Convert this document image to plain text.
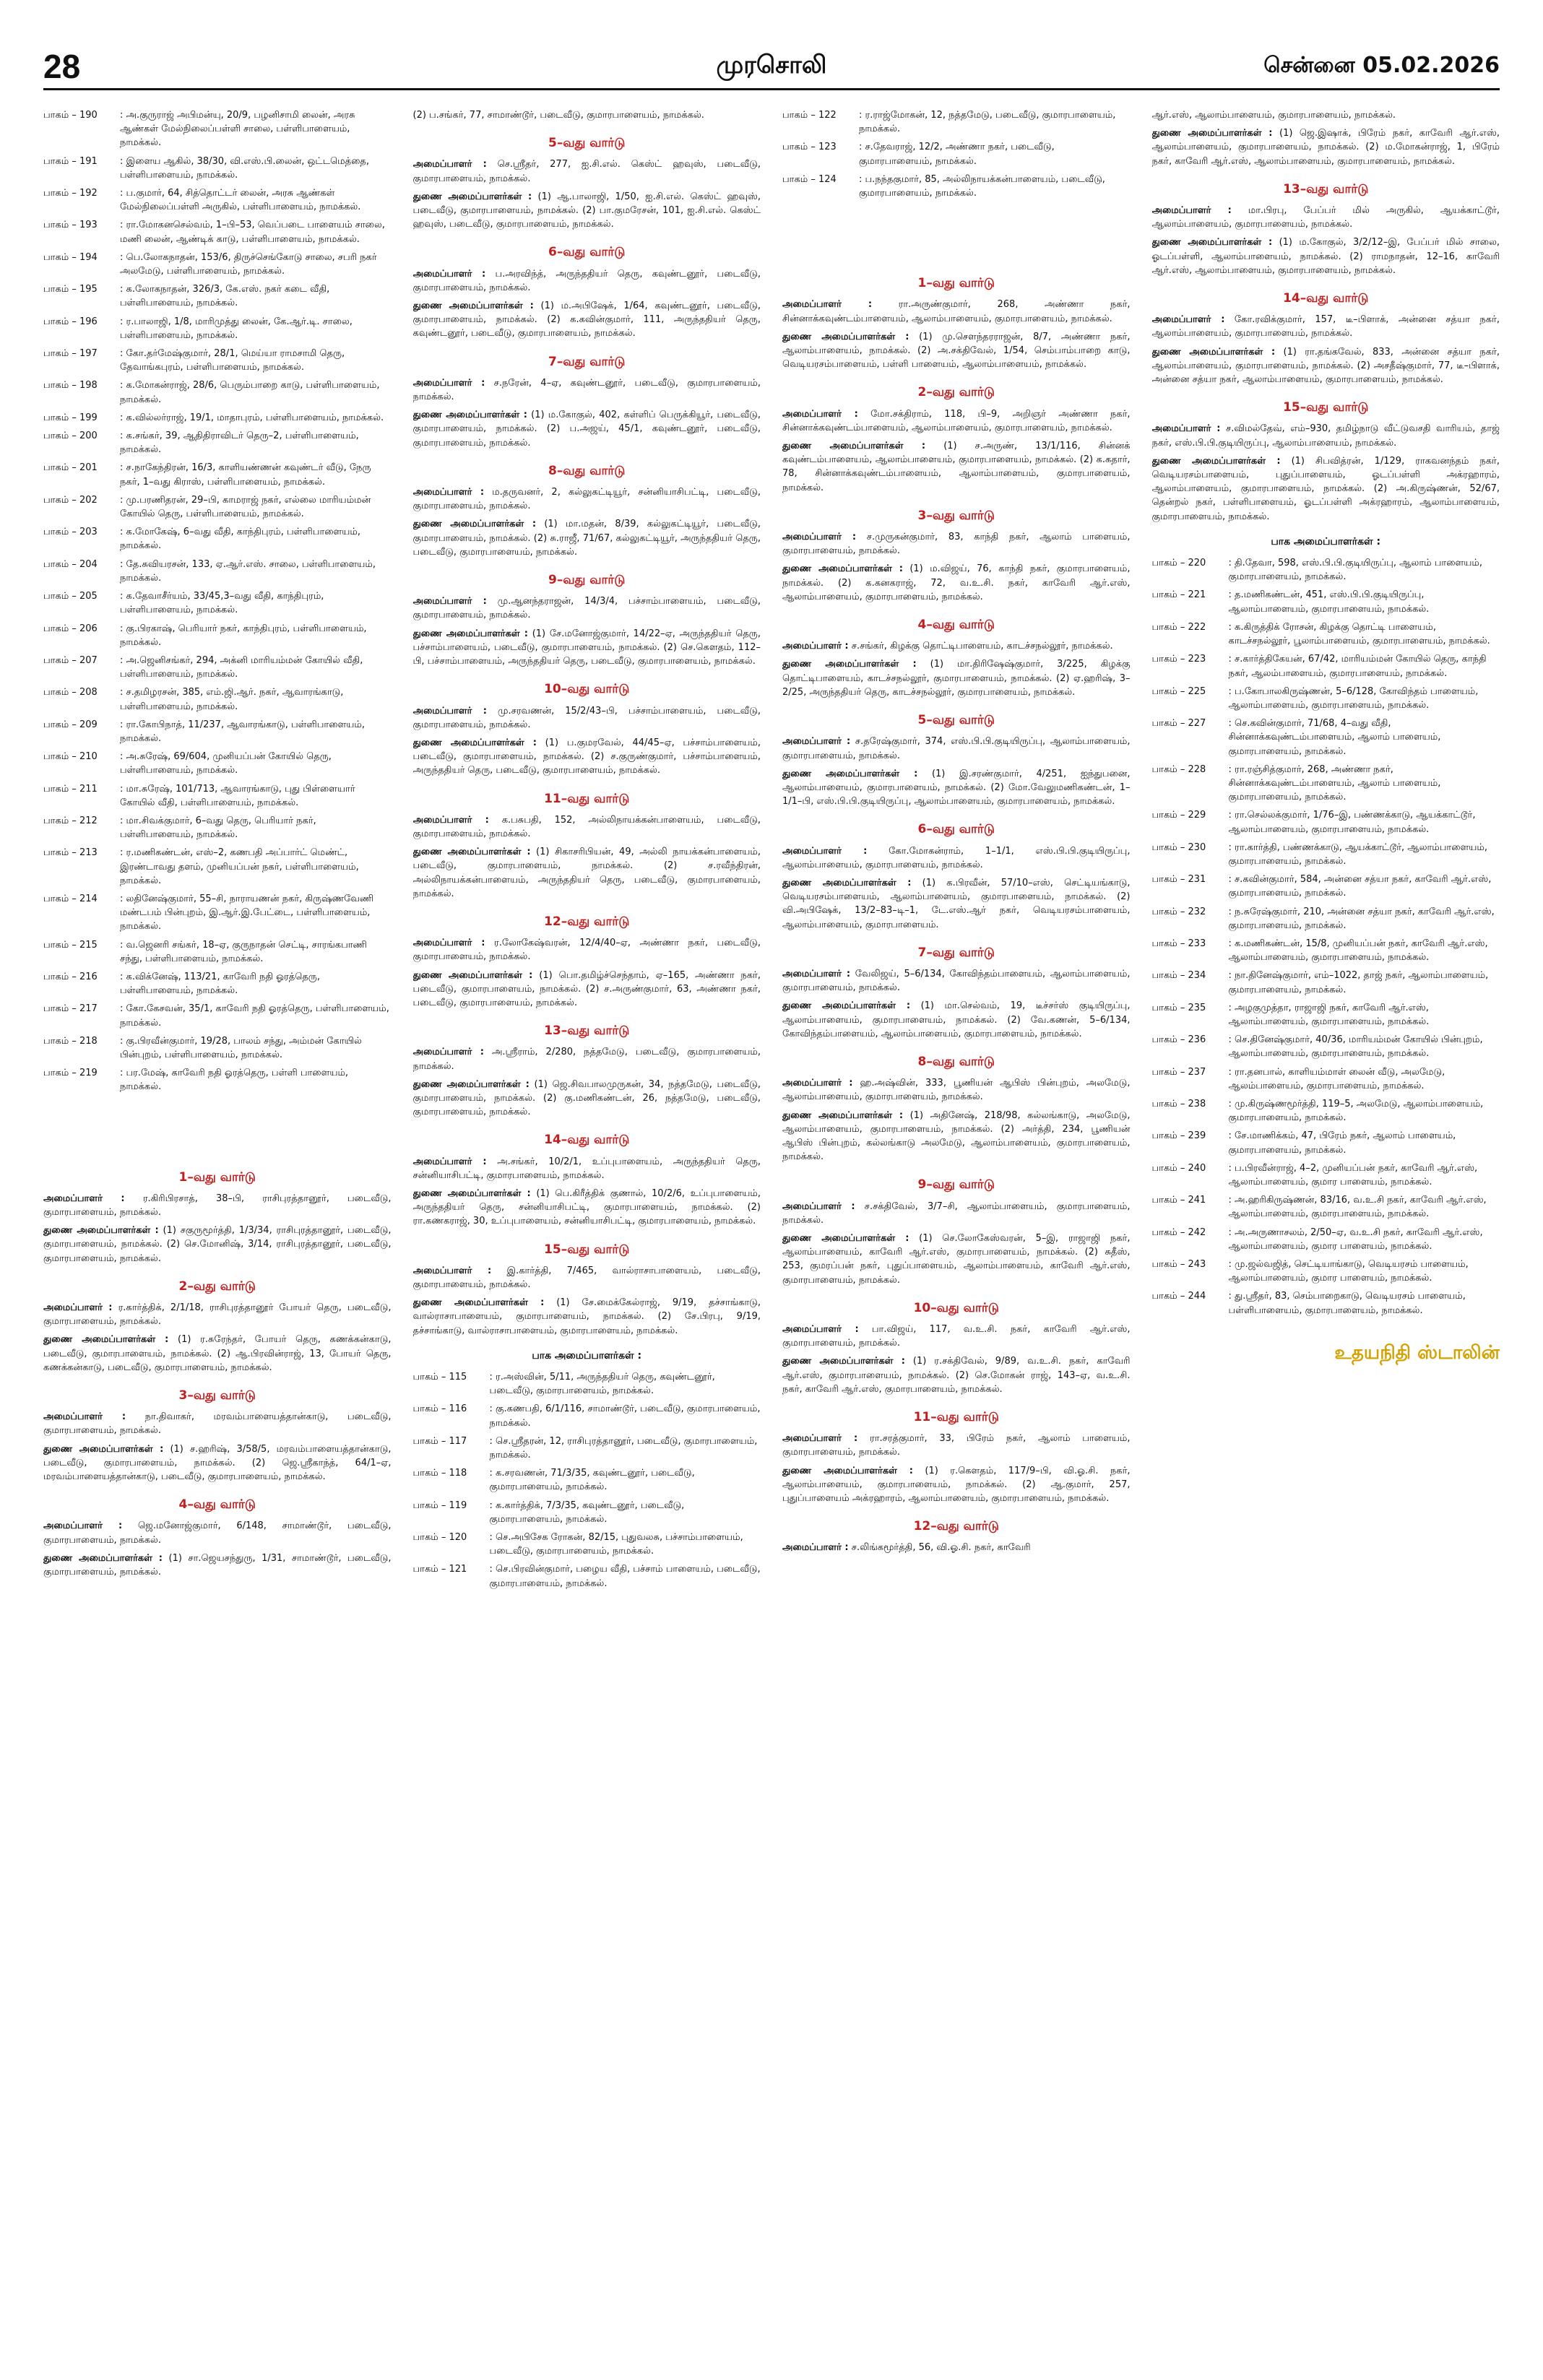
28	முரசொலி	சென்னை 05.02.2026
பாகம் – 190	: அ.குருராஜ் அபிமன்யு, 20/9, பழனிசாமி லைன், அரசு ஆண்கள் மேல்நிலைப்பள்ளி சாலை, பள்ளிபாளையம், நாமக்கல்.
பாகம் – 191	: இளைய ஆகில், 38/30, வி.எஸ்.பி.லைன், ஒட்டமெத்தை, பள்ளிபாளையம், நாமக்கல்.
பாகம் – 192	: ப.குமார், 64, சித்தொட்டர் லைன், அரசு ஆண்கள் மேல்நிலைப்பள்ளி அருகில், பள்ளிபாளையம், நாமக்கல்.
பாகம் – 193	: ரா.மோகனசெல்வம், 1–பி–53, வெப்படை பாளையம் சாலை, மணி லைன், ஆண்டிக் காடு, பள்ளிபாளையம், நாமக்கல்.
பாகம் – 194	: பெ.லோகநாதன், 153/6, திருச்செங்கோடு சாலை, சபரி நகர் அலமேடு, பள்ளிபாளையம், நாமக்கல்.
பாகம் – 195	: க.லோகநாதன், 326/3, கே.எஸ். நகர் கடை வீதி, பள்ளிபாளையம், நாமக்கல்.
பாகம் – 196	: ர.பாலாஜி, 1/8, மாரிமுத்து லைன், கே.ஆர்.டி. சாலை, பள்ளிபாளையம், நாமக்கல்.
பாகம் – 197	: கோ.தர்மேஷ்குமார், 28/1, மெய்யா ராமசாமி தெரு, தேவாங்கபுரம், பள்ளிபாளையம், நாமக்கல்.
பாகம் – 198	: க.மோகன்ராஜ், 28/6, பெரும்பாறை காடு, பள்ளிபாளையம், நாமக்கல்.
பாகம் – 199	: க.வில்லர்ராஜ், 19/1, மாதாபுரம், பள்ளிபாளையம், நாமக்கல்.
பாகம் – 200	: க.சங்கர், 39, ஆதிதிராவிடர் தெரு–2, பள்ளிபாளையம், நாமக்கல்.
பாகம் – 201	: ச.நாகேந்திரன், 16/3, காளியண்ணன் கவுண்டர் வீடு, நேரு நகர், 1–வது கிராஸ், பள்ளிபாளையம், நாமக்கல்.
பாகம் – 202	: மு.பரணிதரன், 29–பி, காமராஜ் நகர், எல்லை மாரியம்மன் கோயில் தெரு, பள்ளிபாளையம், நாமக்கல்.
பாகம் – 203	: க.மோகேஷ், 6–வது வீதி, காந்திபுரம், பள்ளிபாளையம், நாமக்கல்.
பாகம் – 204	: தே.சுவியரசன், 133, ஏ.ஆர்.எஸ். சாலை, பள்ளிபாளையம், நாமக்கல்.
பாகம் – 205	: க.தேவாசீர்யம், 33/45,3–வது வீதி, காந்திபுரம், பள்ளிபாளையம், நாமக்கல்.
பாகம் – 206	: கு.பிரகாஷ், பெரியார் நகர், காந்திபுரம், பள்ளிபாளையம், நாமக்கல்.
பாகம் – 207	: அ.ஜெனிசங்கர், 294, அக்னி மாரியம்மன் கோயில் வீதி, பள்ளிபாளையம், நாமக்கல்.
பாகம் – 208	: ச.தமிழரசன், 385, எம்.ஜி.ஆர். நகர், ஆவாரங்காடு, பள்ளிபாளையம், நாமக்கல்.
பாகம் – 209	: ரா.கோபிநாத், 11/237, ஆவாரங்காடு, பள்ளிபாளையம், நாமக்கல்.
பாகம் – 210	: அ.சுரேஷ், 69/604, முனியப்பன் கோயில் தெரு, பள்ளிபாளையம், நாமக்கல்.
பாகம் – 211	: மா.சுரேஷ், 101/713, ஆவாரங்காடு, புது பிள்ளையார் கோயில் வீதி, பள்ளிபாளையம், நாமக்கல்.
பாகம் – 212	: மா.சிவக்குமார், 6–வது தெரு, பெரியார் நகர், பள்ளிபாளையம், நாமக்கல்.
பாகம் – 213	: ர.மணிகண்டன், எஸ்–2, கணபதி அப்பார்ட் மெண்ட், இரண்டாவது தளம், முனியப்பன் நகர், பள்ளிபாளையம், நாமக்கல்.
பாகம் – 214	: லதினேஷ்குமார், 55–சி, நாராயணன் நகர், கிருஷ்ணவேணி மண்டபம் பின்புறம், இ.ஆர்.இ.பேட்டை, பள்ளிபாளையம், நாமக்கல்.
பாகம் – 215	: வ.ஜெனரி சங்கர், 18–ஏ, குருநாதன் செட்டி, சாரங்கபாணி சந்து, பள்ளிபாளையம், நாமக்கல்.
பாகம் – 216	: க.விக்னேஷ், 113/21, காவேரி நதி ஓரத்தெரு, பள்ளிபாளையம், நாமக்கல்.
பாகம் – 217	: கோ.கேசவன், 35/1, காவேரி நதி ஓரத்தெரு, பள்ளிபாளையம், நாமக்கல்.
பாகம் – 218	: கு.பிரவீன்குமார், 19/28, பாலம் சந்து, அம்மன் கோயில் பின்புறம், பள்ளிபாளையம், நாமக்கல்.
பாகம் – 219	: பர.மேஷ், காவேரி நதி ஓரத்தெரு, பள்ளி பாளையம், நாமக்கல்.
1–வது வார்டு
அமைப்பாளர் : ர.கிரிபிரசாத், 38–பி, ராசிபுரத்தானூர், படைவீடு, குமாரபாளையம், நாமக்கல்.
துணை அமைப்பாளர்கள் : (1) சகுருமூர்த்தி, 1/3/34, ராசிபுரத்தானூர், படைவீடு, குமாரபாளையம், நாமக்கல். (2) செ.மோனிஷ், 3/14, ராசிபுரத்தானூர், படைவீடு, குமாரபாளையம், நாமக்கல்.
2–வது வார்டு
அமைப்பாளர் : ர.கார்த்திக், 2/1/18, ராசிபுரத்தானூர் போயர் தெரு, படைவீடு, குமாரபாளையம், நாமக்கல்.
துணை அமைப்பாளர்கள் : (1) ர.சுரேந்தர், போயர் தெரு, கணக்கன்காடு, படைவீடு, குமாரபாளையம், நாமக்கல். (2) ஆ.பிரவின்ராஜ், 13, போயர் தெரு, கணக்கன்காடு, படைவீடு, குமாரபாளையம், நாமக்கல்.
3–வது வார்டு
அமைப்பாளர் : நா.திவாகர், மரவம்பாளையத்தான்காடு, படைவீடு, குமாரபாளையம், நாமக்கல்.
துணை அமைப்பாளர்கள் : (1) ச.ஹரிஷ், 3/58/5, மரவம்பாளையத்தான்காடு, படைவீடு, குமாரபாளையம், நாமக்கல். (2) ஜெ.ஸ்ரீகாந்த், 64/1–ஏ, மரவம்பாளையத்தான்காடு, படைவீடு, குமாரபாளையம், நாமக்கல்.
4–வது வார்டு
அமைப்பாளர் : ஜெ.மனோஜ்குமார், 6/148, சாமாண்டூர், படைவீடு, குமாரபாளையம், நாமக்கல்.
துணை அமைப்பாளர்கள் : (1) சா.ஜெயசந்துரு, 1/31, சாமாண்டூர், படைவீடு, குமாரபாளையம், நாமக்கல்.
(2) ப.சங்கர், 77, சாமாண்டூர், படைவீடு, குமாரபாளையம், நாமக்கல்.
5–வது வார்டு
அமைப்பாளர் : செ.ஸ்ரீதர், 277, ஐ.சி.எல். கெஸ்ட் ஹவுஸ், படைவீடு, குமாரபாளையம், நாமக்கல்.
துணை அமைப்பாளர்கள் : (1) ஆ.பாலாஜி, 1/50, ஐ.சி.எல். கெஸ்ட் ஹவுஸ், படைவீடு, குமாரபாளையம், நாமக்கல். (2) பா.குமரேசன், 101, ஐ.சி.எல். கெஸ்ட் ஹவுஸ், படைவீடு, குமாரபாளையம், நாமக்கல்.
6–வது வார்டு
அமைப்பாளர் : ப.அரவிந்த், அருந்ததியர் தெரு, கவுண்டனூர், படைவீடு, குமாரபாளையம், நாமக்கல்.
துணை அமைப்பாளர்கள் : (1) ம.அபிஷேக், 1/64, கவுண்டனூர், படைவீடு, குமாரபாளையம், நாமக்கல். (2) க.கவின்குமார், 111, அருந்ததியர் தெரு, கவுண்டனூர், படைவீடு, குமாரபாளையம், நாமக்கல்.
7–வது வார்டு
அமைப்பாளர் : ச.நரேன், 4–ஏ, கவுண்டனூர், படைவீடு, குமாரபாளையம், நாமக்கல்.
துணை அமைப்பாளர்கள் : (1) ம.கோகுல், 402, கள்ளிப் பெருக்கியூர், படைவீடு, குமாரபாளையம், நாமக்கல். (2) ப.அஜய், 45/1, கவுண்டனூர், படைவீடு, குமாரபாளையம், நாமக்கல்.
8–வது வார்டு
அமைப்பாளர் : ம.தருவனர், 2, கல்லுகட்டியூர், சன்னியாசிபட்டி, படைவீடு, குமாரபாளையம், நாமக்கல்.
துணை அமைப்பாளர்கள் : (1) மா.மதன், 8/39, கல்லுகட்டியூர், படைவீடு, குமாரபாளையம், நாமக்கல். (2) சு.ராஜீ, 71/67, கல்லுகட்டியூர், அருந்ததியர் தெரு, படைவீடு, குமாரபாளையம், நாமக்கல்.
9–வது வார்டு
அமைப்பாளர் : மு.ஆனந்தராஜன், 14/3/4, பச்சாம்பாளையம், படைவீடு, குமாரபாளையம், நாமக்கல்.
துணை அமைப்பாளர்கள் : (1) சே.மனோஜ்குமார், 14/22–ஏ, அருந்ததியர் தெரு, பச்சாம்பாளையம், படைவீடு, குமாரபாளையம், நாமக்கல். (2) செ.கௌதம், 112–பி, பச்சாம்பாளையம், அருந்ததியர் தெரு, படைவீடு, குமாரபாளையம், நாமக்கல்.
10–வது வார்டு
அமைப்பாளர் : மு.சரவணன், 15/2/43–பி, பச்சாம்பாளையம், படைவீடு, குமாரபாளையம், நாமக்கல்.
துணை அமைப்பாளர்கள் : (1) ப.குமரவேல், 44/45–ஏ, பச்சாம்பாளையம், படைவீடு, குமாரபாளையம், நாமக்கல். (2) ச.குருண்குமார், பச்சாம்பாளையம், அருந்ததியர் தெரு, படைவீடு, குமாரபாளையம், நாமக்கல்.
11–வது வார்டு
அமைப்பாளர் : க.பசுபதி, 152, அல்லிநாயக்கன்பாளையம், படைவீடு, குமாரபாளையம், நாமக்கல்.
துணை அமைப்பாளர்கள் : (1) சிகாசரிபியன், 49, அல்லி நாயக்கன்பாளையம், படைவீடு, குமாரபாளையம், நாமக்கல். (2) ச.ரவீந்திரன், அல்லிநாயக்கன்பாளையம், அருந்ததியர் தெரு, படைவீடு, குமாரபாளையம், நாமக்கல்.
12–வது வார்டு
அமைப்பாளர் : ர.லோகேஷ்வரன், 12/4/40–ஏ, அண்ணா நகர், படைவீடு, குமாரபாளையம், நாமக்கல்.
துணை அமைப்பாளர்கள் : (1) பொ.தமிழ்ச்செந்தாம், ஏ–165, அண்ணா நகர், படைவீடு, குமாரபாளையம், நாமக்கல். (2) ச.அருண்குமார், 63, அண்ணா நகர், படைவீடு, குமாரபாளையம், நாமக்கல்.
13–வது வார்டு
அமைப்பாளர் : அ.ஸ்ரீராம், 2/280, நத்தமேடு, படைவீடு, குமாரபாளையம், நாமக்கல்.
துணை அமைப்பாளர்கள் : (1) ஜெ.சிவபாலமுருகன், 34, நத்தமேடு, படைவீடு, குமாரபாளையம், நாமக்கல். (2) கு.மணிகண்டன், 26, நத்தமேடு, படைவீடு, குமாரபாளையம், நாமக்கல்.
14–வது வார்டு
அமைப்பாளர் : அ.சங்கர், 10/2/1, உப்புபாளையம், அருந்ததியர் தெரு, சன்னியாசிபட்டி, குமாரபாளையம், நாமக்கல்.
துணை அமைப்பாளர்கள் : (1) பெ.கிரீத்திக் குணால், 10/2/6, உப்புபாளையம், அருந்ததியர் தெரு, சன்னியாசிபட்டி, குமாரபாளையம், நாமக்கல். (2) ரா.கணகராஜ், 30, உப்புபாளையம், சன்னியாசிபட்டி, குமாரபாளையம், நாமக்கல்.
15–வது வார்டு
அமைப்பாளர் : இ.கார்த்தி, 7/465, வால்ராசாபாளையம், படைவீடு, குமாரபாளையம், நாமக்கல்.
துணை அமைப்பாளர்கள் : (1) சே.மைக்கேல்ராஜ், 9/19, தச்சாங்காடு, வால்ராசாபாளையம், குமாரபாளையம், நாமக்கல். (2) சே.பிரபு, 9/19, தச்சாங்காடு, வால்ராசாபாளையம், குமாரபாளையம், நாமக்கல்.
பாக அமைப்பாளர்கள் :
பாகம் – 115	: ர.அஸ்வின், 5/11, அருந்ததியர் தெரு, கவுண்டனூர், படைவீடு, குமாரபாளையம், நாமக்கல்.
பாகம் – 116	: கு.கணபதி, 6/1/116, சாமாண்டூர், படைவீடு, குமாரபாளையம், நாமக்கல்.
பாகம் – 117	: செ.ஸ்ரீதரன், 12, ராசிபுரத்தானூர், படைவீடு, குமாரபாளையம், நாமக்கல்.
பாகம் – 118	: க.சரவணன், 71/3/35, கவுண்டனூர், படைவீடு, குமாரபாளையம், நாமக்கல்.
பாகம் – 119	: க.கார்த்திக், 7/3/35, கவுண்டனூர், படைவீடு, குமாரபாளையம், நாமக்கல்.
பாகம் – 120	: செ.அபிசேக ரோகன், 82/15, புதுவலசு, பச்சாம்பாளையம், படைவீடு, குமாரபாளையம், நாமக்கல்.
பாகம் – 121	: செ.பிரவின்குமார், பழைய வீதி, பச்சாம் பாளையம், படைவீடு, குமாரபாளையம், நாமக்கல்.
பாகம் – 122	: ர.ராஜ்மோகன், 12, நத்தமேடு, படைவீடு, குமாரபாளையம், நாமக்கல்.
பாகம் – 123	: ச.தேவராஜ், 12/2, அண்ணா நகர், படைவீடு, குமாரபாளையம், நாமக்கல்.
பாகம் – 124	: ப.நந்தகுமார், 85, அல்லிநாயக்கன்பாளையம், படைவீடு, குமாரபாளையம், நாமக்கல்.
1–வது வார்டு
அமைப்பாளர் :	ரா.அருண்குமார், 268, அண்ணா நகர், சின்னாக்கவுண்டம்பாளையம், ஆலாம்பாளையம், குமாரபாளையம், நாமக்கல்.
துணை அமைப்பாளர்கள் : (1) மு.சௌந்தரராஜன், 8/7, அண்ணா நகர், ஆலாம்பாளையம், நாமக்கல். (2) அ.சக்திவேல், 1/54, செம்பாம்பாறை காடு, வெடியரசம்பாளையம், பள்ளி பாளையம், ஆலாம்பாளையம், நாமக்கல்.
2–வது வார்டு
அமைப்பாளர் : மோ.சக்திராம், 118, பி–9, அறிஞர் அண்ணா நகர், சின்னாக்கவுண்டம்பாளையம், ஆலாம்பாளையம், குமாரபாளையம், நாமக்கல்.
துணை அமைப்பாளர்கள் : (1) ச.அருண், 13/1/116, சின்னக் கவுண்டம்பாளையம், ஆலாம்பாளையம், குமாரபாளையம், நாமக்கல். (2) க.கதார், 78, சின்னாக்கவுண்டம்பாளையம், ஆலாம்பாளையம், குமாரபாளையம், நாமக்கல்.
3–வது வார்டு
அமைப்பாளர் : ச.முருகன்குமார், 83, காந்தி நகர், ஆலாம் பாளையம், குமாரபாளையம், நாமக்கல்.
துணை அமைப்பாளர்கள் : (1) ம.விஜய், 76, காந்தி நகர், குமாரபாளையம், நாமக்கல். (2) க.கனகராஜ், 72, வ.உ.சி. நகர், காவேரி ஆர்.எஸ், ஆலாம்பாளையம், குமாரபாளையம், நாமக்கல்.
4–வது வார்டு
அமைப்பாளர் : ச.சங்கர், கிழக்கு தொட்டிபாளையம், காடச்சநல்லூர், நாமக்கல்.
துணை அமைப்பாளர்கள் : (1) மா.திரிஷேஷ்குமார், 3/225, கிழக்கு தொட்டிபாளையம், காடச்சநல்லூர், குமாரபாளையம், நாமக்கல். (2) ஏ.ஹரிஷ், 3–2/25, அருந்ததியர் தெரு, காடச்சநல்லூர், குமாரபாளையம், நாமக்கல்.
5–வது வார்டு
அமைப்பாளர் : ச.தரேஷ்குமார், 374, எஸ்.பி.பி.குடியிருப்பு, ஆலாம்பாளையம், குமாரபாளையம், நாமக்கல்.
துணை அமைப்பாளர்கள் : (1) இ.சரண்குமார், 4/251, ஐந்துபனை, ஆலாம்பாளையம், குமாரபாளையம், நாமக்கல். (2) மோ.வேலுமணிகண்டன், 1–1/1–பி, எஸ்.பி.பி.குடியிருப்பு, ஆலாம்பாளையம், குமாரபாளையம், நாமக்கல்.
6–வது வார்டு
அமைப்பாளர் : கோ.மோகன்ராம், 1–1/1, எஸ்.பி.பி.குடியிருப்பு, ஆலாம்பாளையம், குமாரபாளையம், நாமக்கல்.
துணை அமைப்பாளர்கள் : (1) க.பிரவீன், 57/10–எஸ், செட்டியங்காடு, வெடியரசம்பாளையம், ஆலாம்பாளையம், குமாரபாளையம், நாமக்கல். (2) வி.அபிஷேக், 13/2–83–டி–1, டே.எஸ்.ஆர் நகர், வெடியரசம்பாளையம், ஆலாம்பாளையம், குமாரபாளையம்.
7–வது வார்டு
அமைப்பாளர் : வேலிஜய், 5–6/134, கோவிந்தம்பாளையம், ஆலாம்பாளையம், குமாரபாளையம், நாமக்கல்.
துணை அமைப்பாளர்கள் : (1) மா.செல்வம், 19, டீச்சர்ஸ் குடியிருப்பு, ஆலாம்பாளையம், குமாரபாளையம், நாமக்கல். (2) வே.கணன், 5–6/134, கோவிந்தம்பாளையம், ஆலாம்பாளையம், குமாரபாளையம், நாமக்கல்.
8–வது வார்டு
அமைப்பாளர் : ஹ.அஷ்வின், 333, பூணியன் ஆபிஸ் பின்புறம், அலமேடு, ஆலாம்பாளையம், குமாரபாளையம், நாமக்கல்.
துணை அமைப்பாளர்கள் : (1) அதினேஷ், 218/98, கல்லங்காடு, அலமேடு, ஆலாம்பாளையம், குமாரபாளையம், நாமக்கல். (2) அர்த்தி, 234, பூணியன் ஆபிஸ் பின்புறம், கல்லங்காடு அலமேடு, ஆலாம்பாளையம், குமாரபாளையம், நாமக்கல்.
9–வது வார்டு
அமைப்பாளர் : ச.சக்திவேல், 3/7–சி, ஆலாம்பாளையம், குமாரபாளையம், நாமக்கல்.
துணை அமைப்பாளர்கள் : (1) செ.லோகேஸ்வரன், 5–இ, ராஜாஜி நகர், ஆலாம்பாளையம், காவேரி ஆர்.எஸ், குமாரபாளையம், நாமக்கல். (2) சுதீஸ், 253, குமரப்பன் நகர், புதுப்பாளையம், ஆலாம்பாளையம், காவேரி ஆர்.எஸ், குமாரபாளையம், நாமக்கல்.
10–வது வார்டு
அமைப்பாளர் : பா.விஜய், 117, வ.உ.சி. நகர், காவேரி ஆர்.எஸ், குமாரபாளையம், நாமக்கல்.
துணை அமைப்பாளர்கள் : (1) ர.சக்திவேல், 9/89, வ.உ.சி. நகர், காவேரி ஆர்.எஸ், குமாரபாளையம், நாமக்கல். (2) செ.மோகன் ராஜ், 143–ஏ, வ.உ.சி. நகர், காவேரி ஆர்.எஸ், குமாரபாளையம், நாமக்கல்.
11–வது வார்டு
அமைப்பாளர் : ரா.சரத்குமார், 33, பிரேம் நகர், ஆலாம் பாளையம், குமாரபாளையம், நாமக்கல்.
துணை அமைப்பாளர்கள் : (1) ர.கௌதம், 117/9–பி, வி.ஓ.சி. நகர், ஆலாம்பாளையம், குமாரபாளையம், நாமக்கல். (2) ஆ.குமார், 257, புதுப்பாளையம் அக்ரஹாரம், ஆலாம்பாளையம், குமாரபாளையம், நாமக்கல்.
12–வது வார்டு
அமைப்பாளர் : ச.லிங்கமூர்த்தி, 56, வி.ஓ.சி. நகர், காவேரி
ஆர்.எஸ், ஆலாம்பாளையம், குமாரபாளையம், நாமக்கல்.
துணை அமைப்பாளர்கள் : (1) ஜெ.இஷாக், பிரேம் நகர், காவேரி ஆர்.எஸ், ஆலாம்பாளையம், குமாரபாளையம், நாமக்கல். (2) ம.மோகன்ராஜ், 1, பிரேம் நகர், காவேரி ஆர்.எஸ், ஆலாம்பாளையம், குமாரபாளையம், நாமக்கல்.
13–வது வார்டு
அமைப்பாளர் : மா.பிரபு, பேப்பர் மில் அருகில், ஆயக்காட்டூர், ஆலாம்பாளையம், குமாரபாளையம், நாமக்கல்.
துணை அமைப்பாளர்கள் : (1) ம.கோகுல், 3/2/12–இ, பேப்பர் மில் சாலை, ஓடப்பள்ளி, ஆலாம்பாளையம், நாமக்கல். (2) ராமநாதன், 12–16, காவேரி ஆர்.எஸ், ஆலாம்பாளையம், குமாரபாளையம், நாமக்கல்.
14–வது வார்டு
அமைப்பாளர் : கோ.ரவிக்குமார், 157, டீ–பிளாக், அன்னை சத்யா நகர், ஆலாம்பாளையம், குமாரபாளையம், நாமக்கல்.
துணை அமைப்பாளர்கள் : (1) ரா.தங்கவேல், 833, அன்னை சத்யா நகர், ஆலாம்பாளையம், குமாரபாளையம், நாமக்கல். (2) அசதீஷ்குமார், 77, டீ–பிளாக், அன்னை சத்யா நகர், ஆலாம்பாளையம், குமாரபாளையம், நாமக்கல்.
15–வது வார்டு
அமைப்பாளர் : ச.விமல்தேவ், எம்–930, தமிழ்நாடு வீட்டுவசதி வாரியம், தாஜ் நகர், எஸ்.பி.பி.குடியிருப்பு, ஆலாம்பாளையம், நாமக்கல்.
துணை அமைப்பாளர்கள் : (1) சிபவித்ரன், 1/129, ராகவனந்தம் நகர், வெடியரசம்பாளையம், புதுப்பாளையம், ஓடப்பள்ளி அக்ரஹாரம், ஆலாம்பாளையம், குமாரபாளையம், நாமக்கல். (2) அ.கிருஷ்ணன், 52/67, தென்றல் நகர், பள்ளிபாளையம், ஓடப்பள்ளி அக்ரஹாரம், ஆலாம்பாளையம், குமாரபாளையம், நாமக்கல்.
பாக அமைப்பாளர்கள் :
பாகம் – 220	: தி.தேவா, 598, எஸ்.பி.பி.குடியிருப்பு, ஆலாம் பாளையம், குமாரபாளையம், நாமக்கல்.
பாகம் – 221	: த.மணிகண்டன், 451, எஸ்.பி.பி.குடியிருப்பு, ஆலாம்பாளையம், குமாரபாளையம், நாமக்கல்.
பாகம் – 222	: க.கிருத்திக் ரோசன், கிழக்கு தொட்டி பாளையம், காடச்சநல்லூர், பூலாம்பாளையம், குமாரபாளையம், நாமக்கல்.
பாகம் – 223	: ச.கார்த்திகேயன், 67/42, மாரியம்மன் கோயில் தெரு, காந்தி நகர், ஆலம்பாளையம், குமாரபாளையம், நாமக்கல்.
பாகம் – 225	: ப.கோபாலகிருஷ்ணன், 5–6/128, கோவிந்தம் பாளையம், ஆலாம்பாளையம், குமாரபாளையம், நாமக்கல்.
பாகம் – 227	: செ.கவின்குமார், 71/68, 4–வது வீதி, சின்னாக்கவுண்டம்பாளையம், ஆலாம் பாளையம், குமாரபாளையம், நாமக்கல்.
பாகம் – 228	: ரா.ரஞ்சித்குமார், 268, அண்ணா நகர், சின்னாக்கவுண்டம்பாளையம், ஆலாம் பாளையம், குமாரபாளையம், நாமக்கல்.
பாகம் – 229	: ரா.செல்லக்குமார், 1/76–இ, பண்ணக்காடு, ஆயக்காட்டூர், ஆலாம்பாளையம், குமாரபாளையம், நாமக்கல்.
பாகம் – 230	: ரா.கார்த்தி, பண்ணக்காடு, ஆயக்காட்டூர், ஆலாம்பாளையம், குமாரபாளையம், நாமக்கல்.
பாகம் – 231	: ச.கவின்குமார், 584, அன்னை சத்யா நகர், காவேரி ஆர்.எஸ், குமாரபாளையம், நாமக்கல்.
பாகம் – 232	: ந.சுரேஷ்குமார், 210, அன்னை சத்யா நகர், காவேரி ஆர்.எஸ், குமாரபாளையம், நாமக்கல்.
பாகம் – 233	: க.மணிகண்டன், 15/8, முனியப்பன் நகர், காவேரி ஆர்.எஸ், ஆலாம்பாளையம், குமாரபாளையம், நாமக்கல்.
பாகம் – 234	: நா.தினேஷ்குமார், எம்–1022, தாஜ் நகர், ஆலாம்பாளையம், குமாரபாளையம், நாமக்கல்.
பாகம் – 235	: அழகுமுத்தா, ராஜாஜி நகர், காவேரி ஆர்.எஸ், ஆலாம்பாளையம், குமாரபாளையம், நாமக்கல்.
பாகம் – 236	: செ.தினேஷ்குமார், 40/36, மாரியம்மன் கோயில் பின்புறம், ஆலாம்பாளையம், குமாரபாளையம், நாமக்கல்.
பாகம் – 237	: ரா.தனபால், காளியம்மாள் லைன் வீடு, அலமேடு, ஆலம்பாளையம், குமாரபாளையம், நாமக்கல்.
பாகம் – 238	: மு.கிருஷ்ணமூர்த்தி, 119–5, அலமேடு, ஆலாம்பாளையம், குமாரபாளையம், நாமக்கல்.
பாகம் – 239	: சே.மாணிக்கம், 47, பிரேம் நகர், ஆலாம் பாளையம், குமாரபாளையம், நாமக்கல்.
பாகம் – 240	: ப.பிரவீன்ராஜ், 4–2, முனியப்பன் நகர், காவேரி ஆர்.எஸ், ஆலாம்பாளையம், குமார பாளையம், நாமக்கல்.
பாகம் – 241	: அ.ஹரிகிருஷ்ணன், 83/16, வ.உ.சி நகர், காவேரி ஆர்.எஸ், ஆலாம்பாளையம், குமாரபாளையம், நாமக்கல்.
பாகம் – 242	: அ.அருணாசலம், 2/50–ஏ, வ.உ.சி நகர், காவேரி ஆர்.எஸ், ஆலாம்பாளையம், குமார பாளையம், நாமக்கல்.
பாகம் – 243	: மு.ஜல்வஜித், செட்டியாங்காடு, வெடியரசம் பாளையம், ஆலாம்பாளையம், குமார பாளையம், நாமக்கல்.
பாகம் – 244	: து.ஸ்ரீதர், 83, செம்பாறைகாடு, வெடியரசம் பாளையம், பள்ளிபாளையம், குமாரபாளையம், நாமக்கல்.
உதயநிதி ஸ்டாலின்
